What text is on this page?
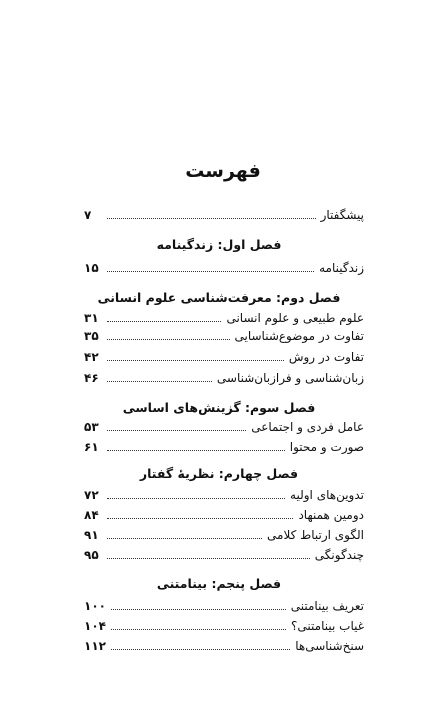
فهرست
پیشگفتار
۷
فصل اول: زندگینامه
زندگینامه
۱۵
فصل دوم: معرفت‌شناسی علوم انسانی
علوم طبیعی و علوم انسانی
۳۱
تفاوت در موضوع‌شناسایی
۳۵
تفاوت در روش
۴۲
زبان‌شناسی و فرازبان‌شناسی
۴۶
فصل سوم: گزینش‌های اساسی
عامل فردی و اجتماعی
۵۳
صورت و محتوا
۶۱
فصل چهارم: نظریهٔ گفتار
تدوین‌های اولیه
۷۲
دومین همنهاد
۸۴
الگوی ارتباط کلامی
۹۱
چندگونگی
۹۵
فصل پنجم: بینامتنی
تعریف بینامتنی
۱۰۰
غیاب بینامتنی؟
۱۰۴
سنخ‌شناسی‌ها
۱۱۲
